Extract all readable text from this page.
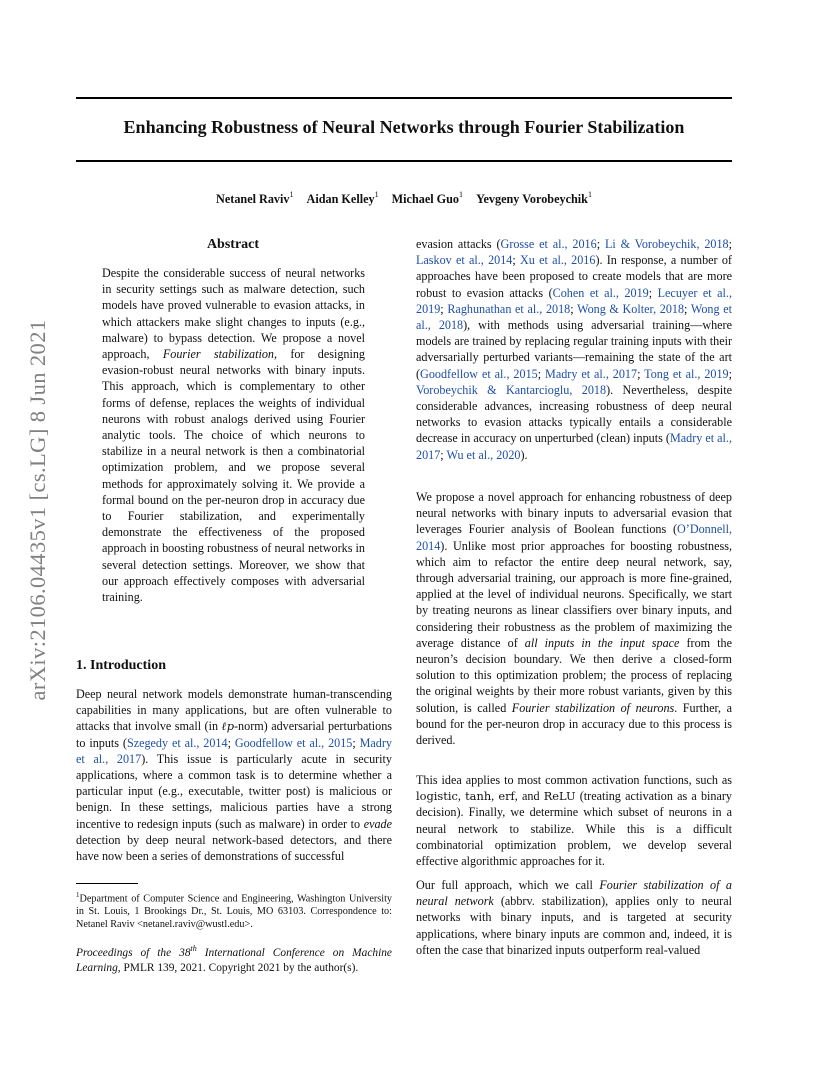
Enhancing Robustness of Neural Networks through Fourier Stabilization
Netanel Raviv$^1$ Aidan Kelley$^1$ Michael Guo$^1$ Yevgeny Vorobeychik$^1$
arXiv:2106.04435v1 [cs.LG] 8 Jun 2021
Abstract

Despite the considerable success of neural networks in security settings such as malware detection, such models have proved vulnerable to evasion attacks, in which attackers make slight changes to inputs (e.g., malware) to bypass detection. We propose a novel approach, Fourier stabilization, for designing evasion-robust neural networks with binary inputs. This approach, which is complementary to other forms of defense, replaces the weights of individual neurons with robust analogs derived using Fourier analytic tools. The choice of which neurons to stabilize in a neural network is then a combinatorial optimization problem, and we propose several methods for approximately solving it. We provide a formal bound on the per-neuron drop in accuracy due to Fourier stabilization, and experimentally demonstrate the effectiveness of the proposed approach in boosting robustness of neural networks in several detection settings. Moreover, we show that our approach effectively composes with adversarial training.

1. Introduction

Deep neural network models demonstrate human-transcending capabilities in many applications, but are often vulnerable to attacks that involve small (in ℓp-norm) adversarial perturbations to inputs (Szegedy et al., 2014; Goodfellow et al., 2015; Madry et al., 2017). This issue is particularly acute in security applications, where a common task is to determine whether a particular input (e.g., executable, twitter post) is malicious or benign. In these settings, malicious parties have a strong incentive to redesign inputs (such as malware) in order to evade detection by deep neural network-based detectors, and there have now been a series of demonstrations of successful

$^1$Department of Computer Science and Engineering, Washington University in St. Louis, 1 Brookings Dr., St. Louis, MO 63103. Correspondence to: Netanel Raviv <netanel.raviv@wustl.edu>.
Proceedings of the 38th International Conference on Machine Learning, PMLR 139, 2021. Copyright 2021 by the author(s).

evasion attacks (Grosse et al., 2016; Li & Vorobeychik, 2018; Laskov et al., 2014; Xu et al., 2016). In response, a number of approaches have been proposed to create models that are more robust to evasion attacks (Cohen et al., 2019; Lecuyer et al., 2019; Raghunathan et al., 2018; Wong & Kolter, 2018; Wong et al., 2018), with methods using adversarial training—where models are trained by replacing regular training inputs with their adversarially perturbed variants—remaining the state of the art (Goodfellow et al., 2015; Madry et al., 2017; Tong et al., 2019; Vorobeychik & Kantarcioglu, 2018). Nevertheless, despite considerable advances, increasing robustness of deep neural networks to evasion attacks typically entails a considerable decrease in accuracy on unperturbed (clean) inputs (Madry et al., 2017; Wu et al., 2020).

We propose a novel approach for enhancing robustness of deep neural networks with binary inputs to adversarial evasion that leverages Fourier analysis of Boolean functions (O’Donnell, 2014). Unlike most prior approaches for boosting robustness, which aim to refactor the entire deep neural network, say, through adversarial training, our approach is more fine-grained, applied at the level of individual neurons. Specifically, we start by treating neurons as linear classifiers over binary inputs, and considering their robustness as the problem of maximizing the average distance of all inputs in the input space from the neuron’s decision boundary. We then derive a closed-form solution to this optimization problem; the process of replacing the original weights by their more robust variants, given by this solution, is called Fourier stabilization of neurons. Further, a bound for the per-neuron drop in accuracy due to this process is derived.

This idea applies to most common activation functions, such as logistic, tanh, erf, and ReLU (treating activation as a binary decision). Finally, we determine which subset of neurons in a neural network to stabilize. While this is a difficult combinatorial optimization problem, we develop several effective algorithmic approaches for it.

Our full approach, which we call Fourier stabilization of a neural network (abbrv. stabilization), applies only to neural networks with binary inputs, and is targeted at security applications, where binary inputs are common and, indeed, it is often the case that binarized inputs outperform real-valued
